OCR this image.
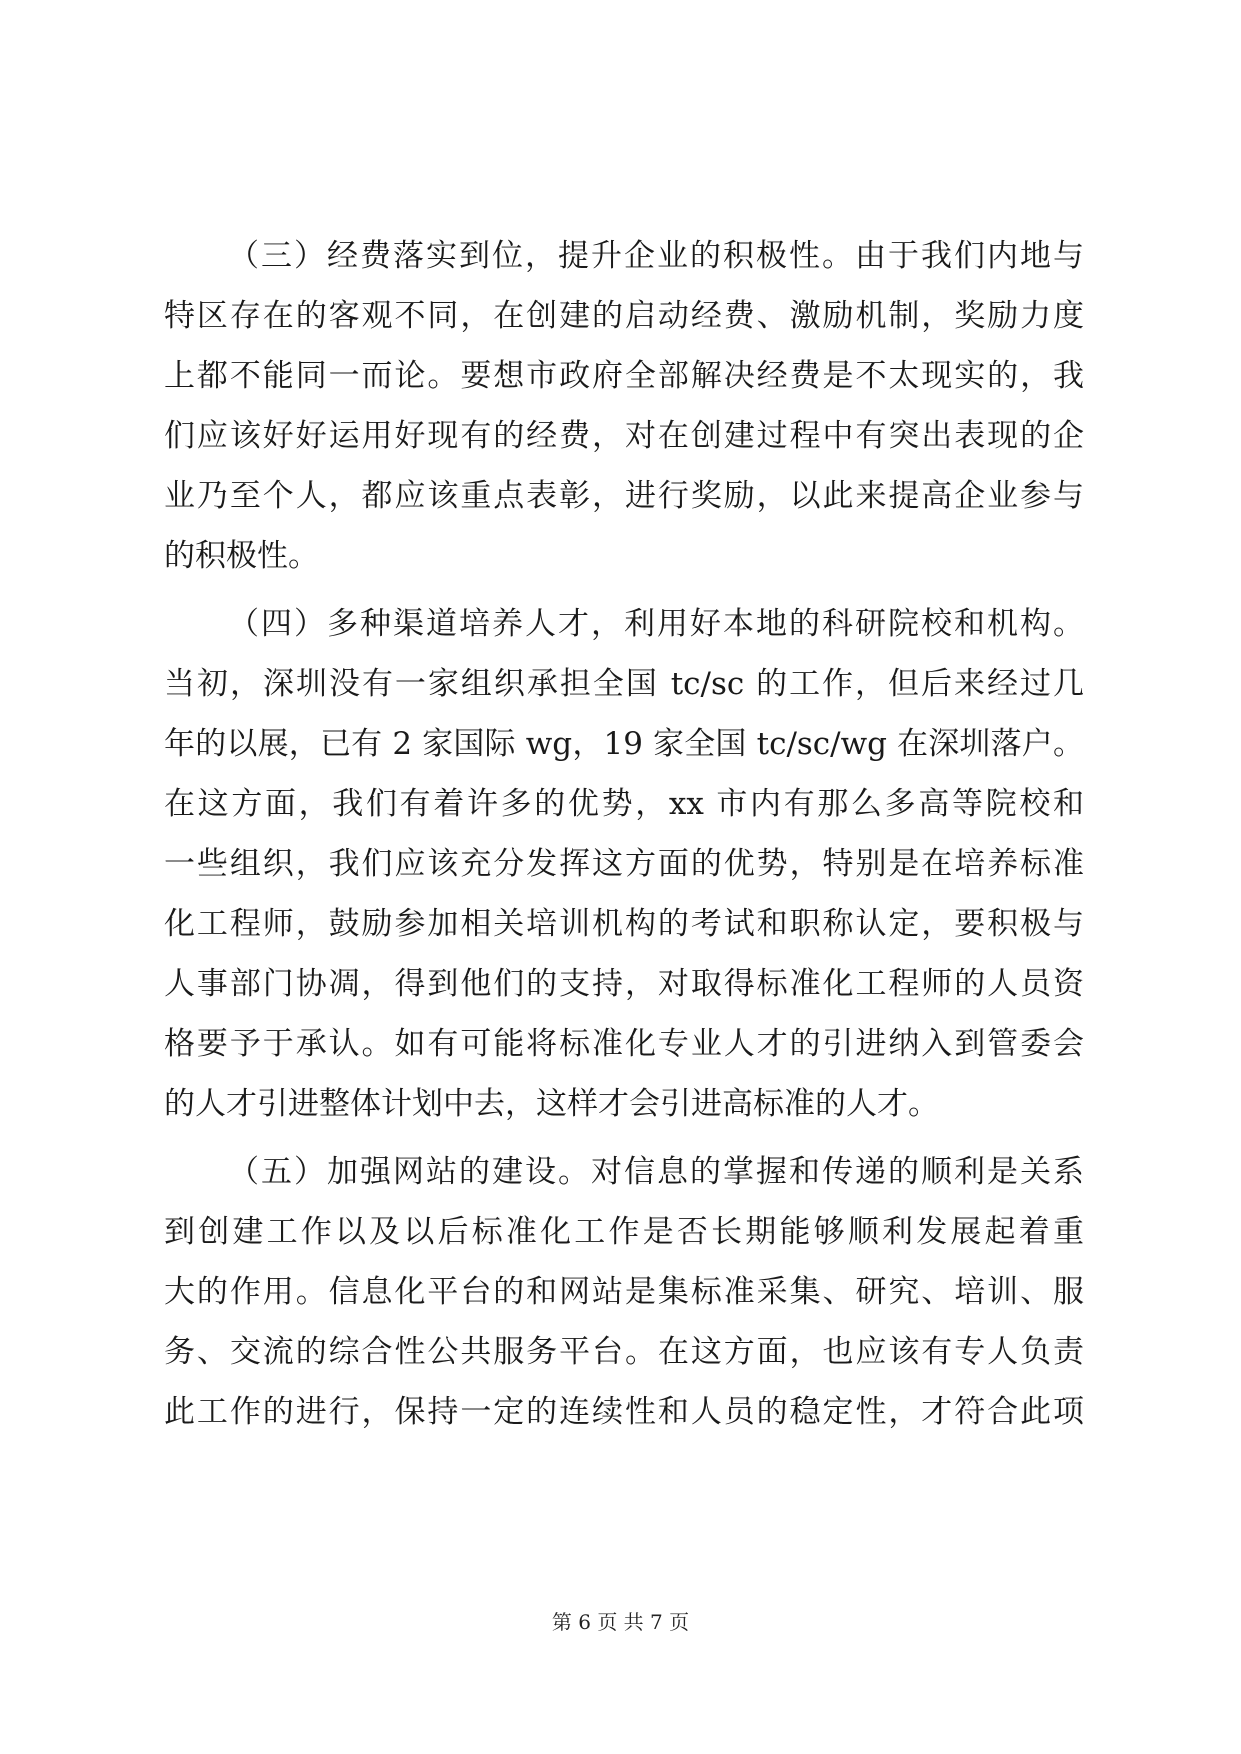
（三）经费落实到位，提升企业的积极性。由于我们内地与
特区存在的客观不同，在创建的启动经费、激励机制，奖励力度
上都不能同一而论。要想市政府全部解决经费是不太现实的，我
们应该好好运用好现有的经费，对在创建过程中有突出表现的企
业乃至个人，都应该重点表彰，进行奖励，以此来提高企业参与
的积极性。
（四）多种渠道培养人才，利用好本地的科研院校和机构。
当初，深圳没有一家组织承担全国 tc/sc 的工作，但后来经过几
年的以展，已有 2 家国际 wg，19 家全国 tc/sc/wg 在深圳落户。
在这方面，我们有着许多的优势，xx 市内有那么多高等院校和
一些组织，我们应该充分发挥这方面的优势，特别是在培养标准
化工程师，鼓励参加相关培训机构的考试和职称认定，要积极与
人事部门协凋，得到他们的支持，对取得标准化工程师的人员资
格要予于承认。如有可能将标准化专业人才的引进纳入到管委会
的人才引进整体计划中去，这样才会引进高标准的人才。
（五）加强网站的建设。对信息的掌握和传递的顺利是关系
到创建工作以及以后标准化工作是否长期能够顺利发展起着重
大的作用。信息化平台的和网站是集标准采集、研究、培训、服
务、交流的综合性公共服务平台。在这方面，也应该有专人负责
此工作的进行，保持一定的连续性和人员的稳定性，才符合此项
第 6 页 共 7 页
